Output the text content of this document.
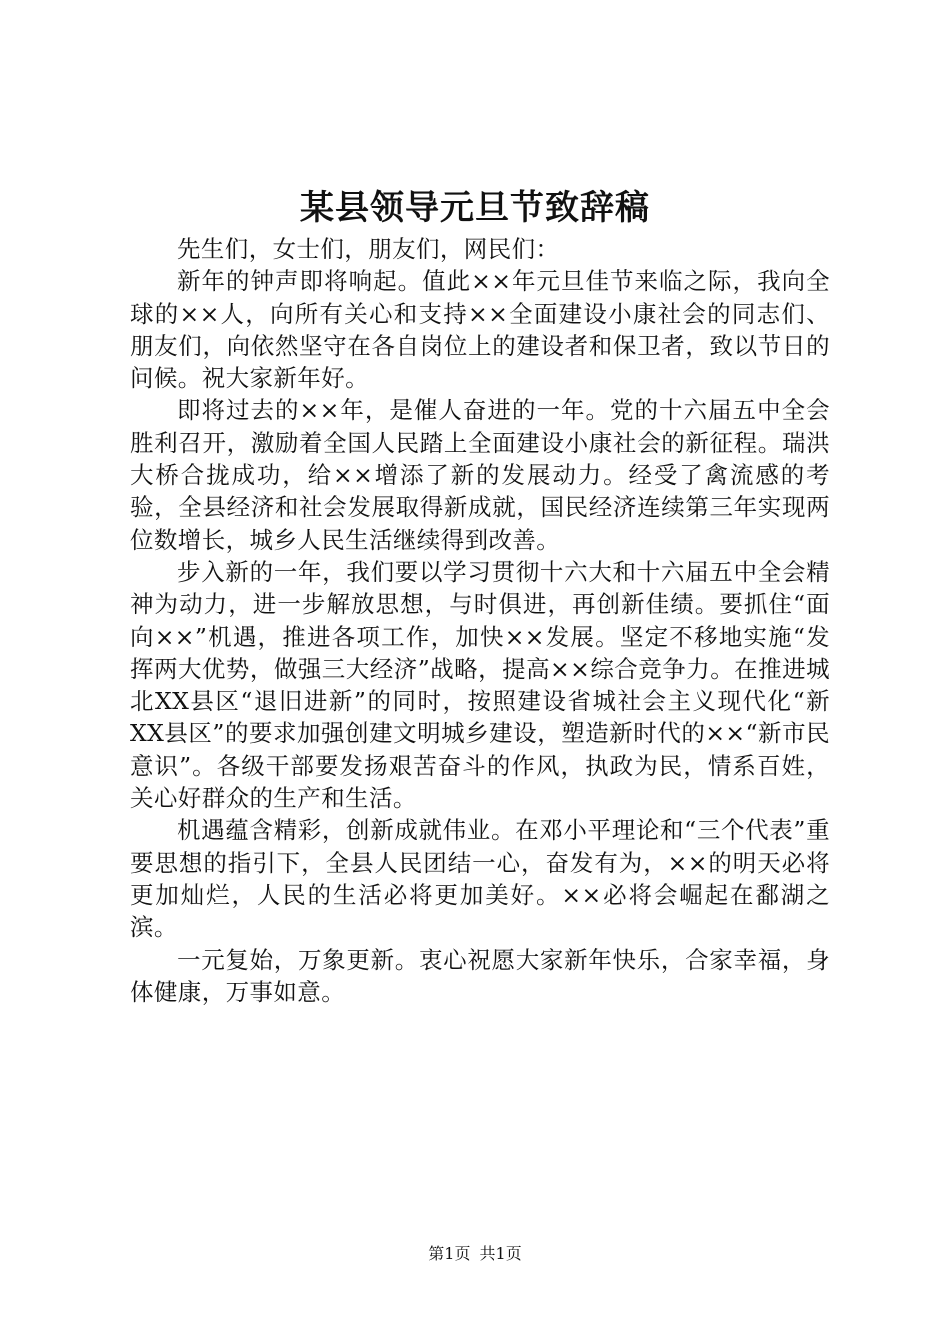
某县领导元旦节致辞稿

先生们，女士们，朋友们，网民们：

新年的钟声即将响起。值此××年元旦佳节来临之际，我向全球的××人，向所有关心和支持××全面建设小康社会的同志们、朋友们，向依然坚守在各自岗位上的建设者和保卫者，致以节日的问候。祝大家新年好。

即将过去的××年，是催人奋进的一年。党的十六届五中全会胜利召开，激励着全国人民踏上全面建设小康社会的新征程。瑞洪大桥合拢成功，给××增添了新的发展动力。经受了禽流感的考验，全县经济和社会发展取得新成就，国民经济连续第三年实现两位数增长，城乡人民生活继续得到改善。

步入新的一年，我们要以学习贯彻十六大和十六届五中全会精神为动力，进一步解放思想，与时俱进，再创新佳绩。要抓住“面向××”机遇，推进各项工作，加快××发展。坚定不移地实施“发挥两大优势，做强三大经济”战略，提高××综合竞争力。在推进城北XX县区“退旧进新”的同时，按照建设省城社会主义现代化“新XX县区”的要求加强创建文明城乡建设，塑造新时代的××“新市民意识”。各级干部要发扬艰苦奋斗的作风，执政为民，情系百姓，关心好群众的生产和生活。

机遇蕴含精彩，创新成就伟业。在邓小平理论和“三个代表”重要思想的指引下，全县人民团结一心，奋发有为，××的明天必将更加灿烂，人民的生活必将更加美好。××必将会崛起在鄱湖之滨。

一元复始，万象更新。衷心祝愿大家新年快乐，合家幸福，身体健康，万事如意。

第1页 共1页
